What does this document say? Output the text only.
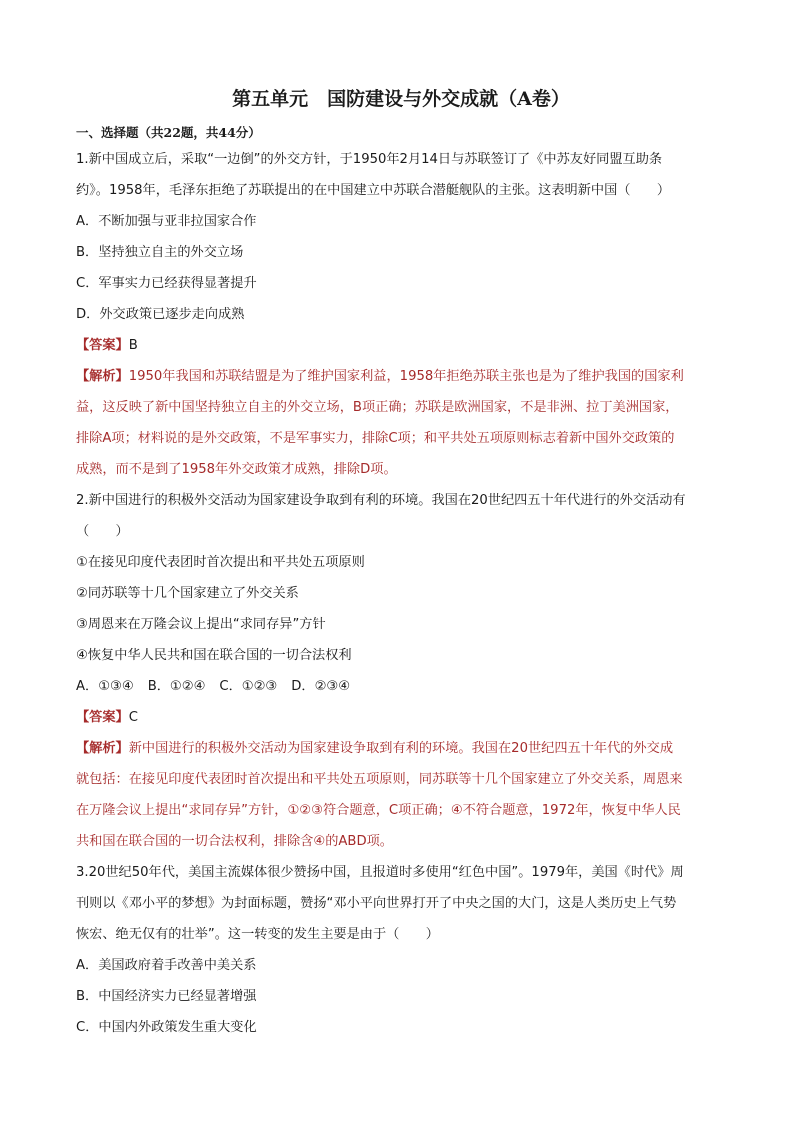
第五单元　国防建设与外交成就（A卷）
一、选择题（共22题，共44分）

1.新中国成立后，采取“一边倒”的外交方针，于1950年2月14日与苏联签订了《中苏友好同盟互助条

约》。1958年，毛泽东拒绝了苏联提出的在中国建立中苏联合潜艇舰队的主张。这表明新中国（　　）

A．不断加强与亚非拉国家合作

B．坚持独立自主的外交立场

C．军事实力已经获得显著提升

D．外交政策已逐步走向成熟

【答案】B

【解析】1950年我国和苏联结盟是为了维护国家利益，1958年拒绝苏联主张也是为了维护我国的国家利

益，这反映了新中国坚持独立自主的外交立场，B项正确；苏联是欧洲国家，不是非洲、拉丁美洲国家，

排除A项；材料说的是外交政策，不是军事实力，排除C项；和平共处五项原则标志着新中国外交政策的

成熟，而不是到了1958年外交政策才成熟，排除D项。

2.新中国进行的积极外交活动为国家建设争取到有利的环境。我国在20世纪四五十年代进行的外交活动有

（　　）

①在接见印度代表团时首次提出和平共处五项原则

②同苏联等十几个国家建立了外交关系

③周恩来在万隆会议上提出“求同存异”方针

④恢复中华人民共和国在联合国的一切合法权利

A．①③④ B．①②④ C．①②③ D．②③④

【答案】C

【解析】新中国进行的积极外交活动为国家建设争取到有利的环境。我国在20世纪四五十年代的外交成

就包括：在接见印度代表团时首次提出和平共处五项原则，同苏联等十几个国家建立了外交关系，周恩来

在万隆会议上提出“求同存异”方针，①②③符合题意，C项正确；④不符合题意，1972年，恢复中华人民

共和国在联合国的一切合法权利，排除含④的ABD项。

3.20世纪50年代，美国主流媒体很少赞扬中国，且报道时多使用“红色中国”。1979年，美国《时代》周

刊则以《邓小平的梦想》为封面标题，赞扬“邓小平向世界打开了中央之国的大门，这是人类历史上气势

恢宏、绝无仅有的壮举”。这一转变的发生主要是由于（　　）

A．美国政府着手改善中美关系

B．中国经济实力已经显著增强

C．中国内外政策发生重大变化
